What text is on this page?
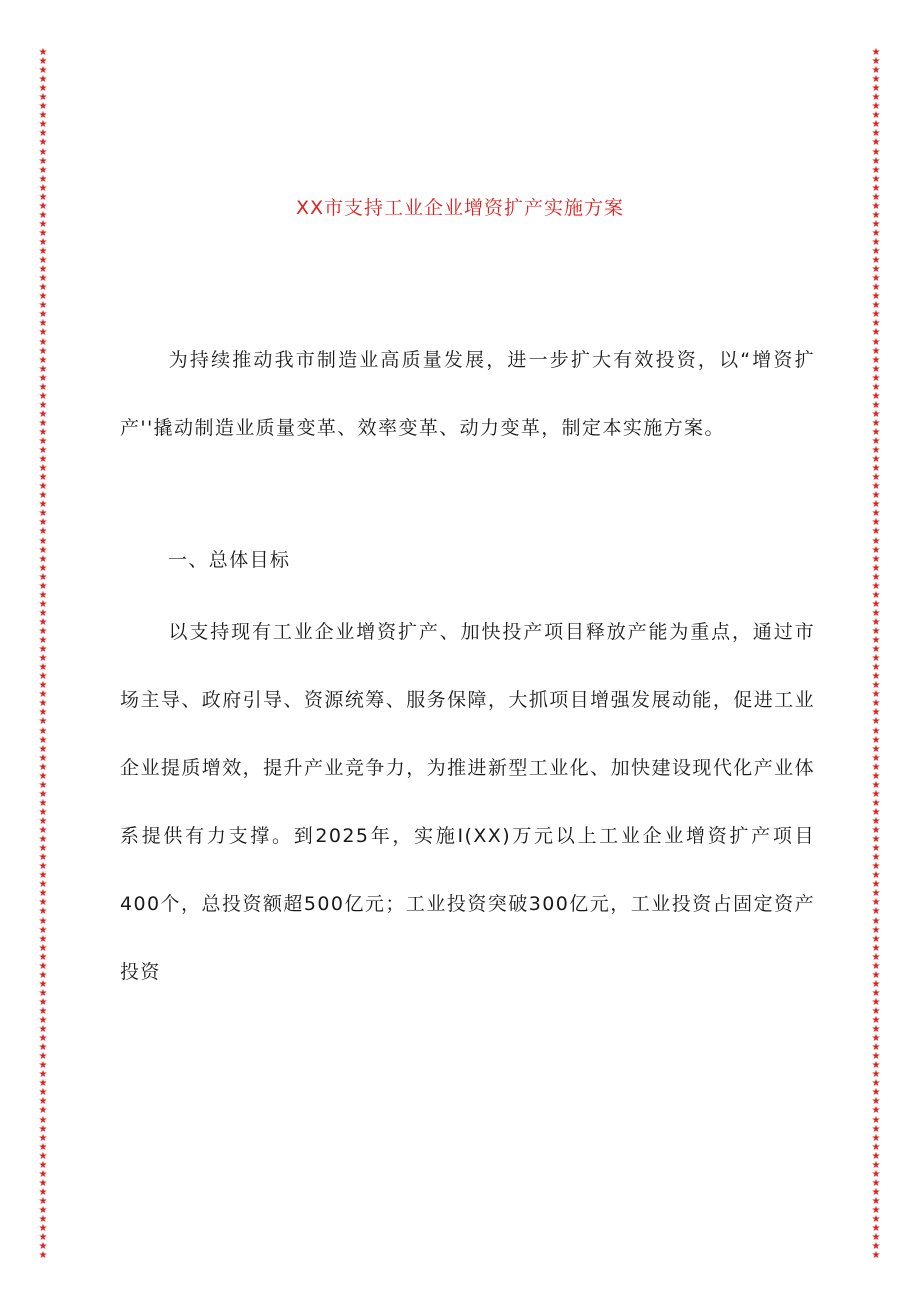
★
★
★
★
★
★
★
★
★
★
★
★
★
★
★
★
★
★
★
★
★
★
★
★
★
★
★
★
★
★
★
★
★
★
★
★
★
★
★
★
★
★
★
★
★
★
★
★
★
★
★
★
★
★
★
★
★
★
★
★
★
★
★
★
★
★
★
★
★
★
★
★
★
★
★
★
★
★
★
★
★
★
★
★
★
★
★
★
★
★
★
★
★
★
★
★
★
★
★
★
★
★
★
★
★
★
★
★
★
★
★
★
★
★
★
★
★
★
★
★
★
★
★
★
★
★
★
★
★
★
★
★
★
★
★
★
★
★
★
★
★
★
★
★
★
★
★
★
★
★
★
★
★
★
★
★
★
★
★
★
★
★
★
★
★
★
★
★
★
★
★
★
★
★
★
★
★
★
★
★
★
★
★
★
★
★
★
★
★
★
★
★
★
★
★
★
★
★
★
★
★
★
★
★
★
★
★
★
★
★
★
★
★
★
★
★
★
★
★
★
★
★
★
★
★
★
★
★
★
★
★
★
★
★
★
★
★
★
★
★
★
★
★
★
★
★
★
★
★
★
★
★
★
★
★
★
★
★
★
★
★
★
★
★
★
★
★
★
XX市支持工业企业增资扩产实施方案

为持续推动我市制造业高质量发展，进一步扩大有效投资，以“增资扩产''撬动制造业质量变革、效率变革、动力变革，制定本实施方案。

一、总体目标

以支持现有工业企业增资扩产、加快投产项目释放产能为重点，通过市场主导、政府引导、资源统筹、服务保障，大抓项目增强发展动能，促进工业企业提质增效，提升产业竞争力，为推进新型工业化、加快建设现代化产业体系提供有力支撑。到2025年，实施I(XX)万元以上工业企业增资扩产项目400个，总投资额超500亿元；工业投资突破300亿元，工业投资占固定资产投资
